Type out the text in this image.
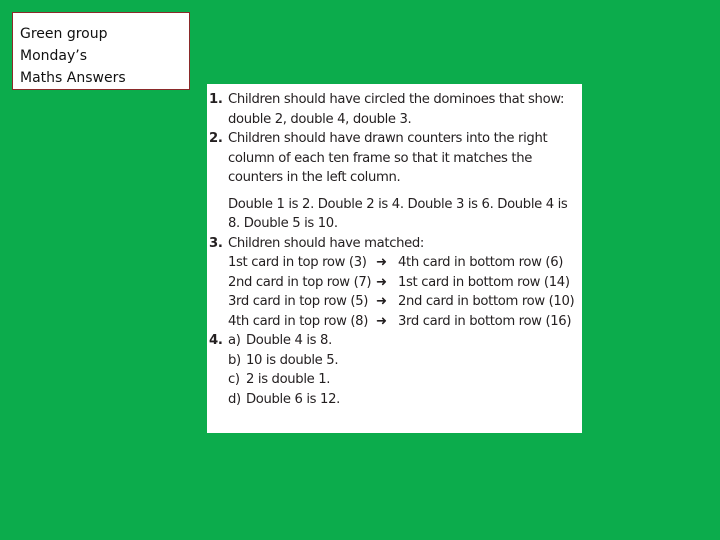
Green group
Monday’s
Maths Answers
1. Children should have circled the dominoes that show:
double 2, double 4, double 3.
2. Children should have drawn counters into the right
column of each ten frame so that it matches the
counters in the left column.
Double 1 is 2. Double 2 is 4. Double 3 is 6. Double 4 is
8. Double 5 is 10.
3. Children should have matched:
1st card in top row (3) ➜ 4th card in bottom row (6)
2nd card in top row (7) ➜ 1st card in bottom row (14)
3rd card in top row (5) ➜ 2nd card in bottom row (10)
4th card in top row (8) ➜ 3rd card in bottom row (16)
4. a) Double 4 is 8.
b) 10 is double 5.
c) 2 is double 1.
d) Double 6 is 12.
